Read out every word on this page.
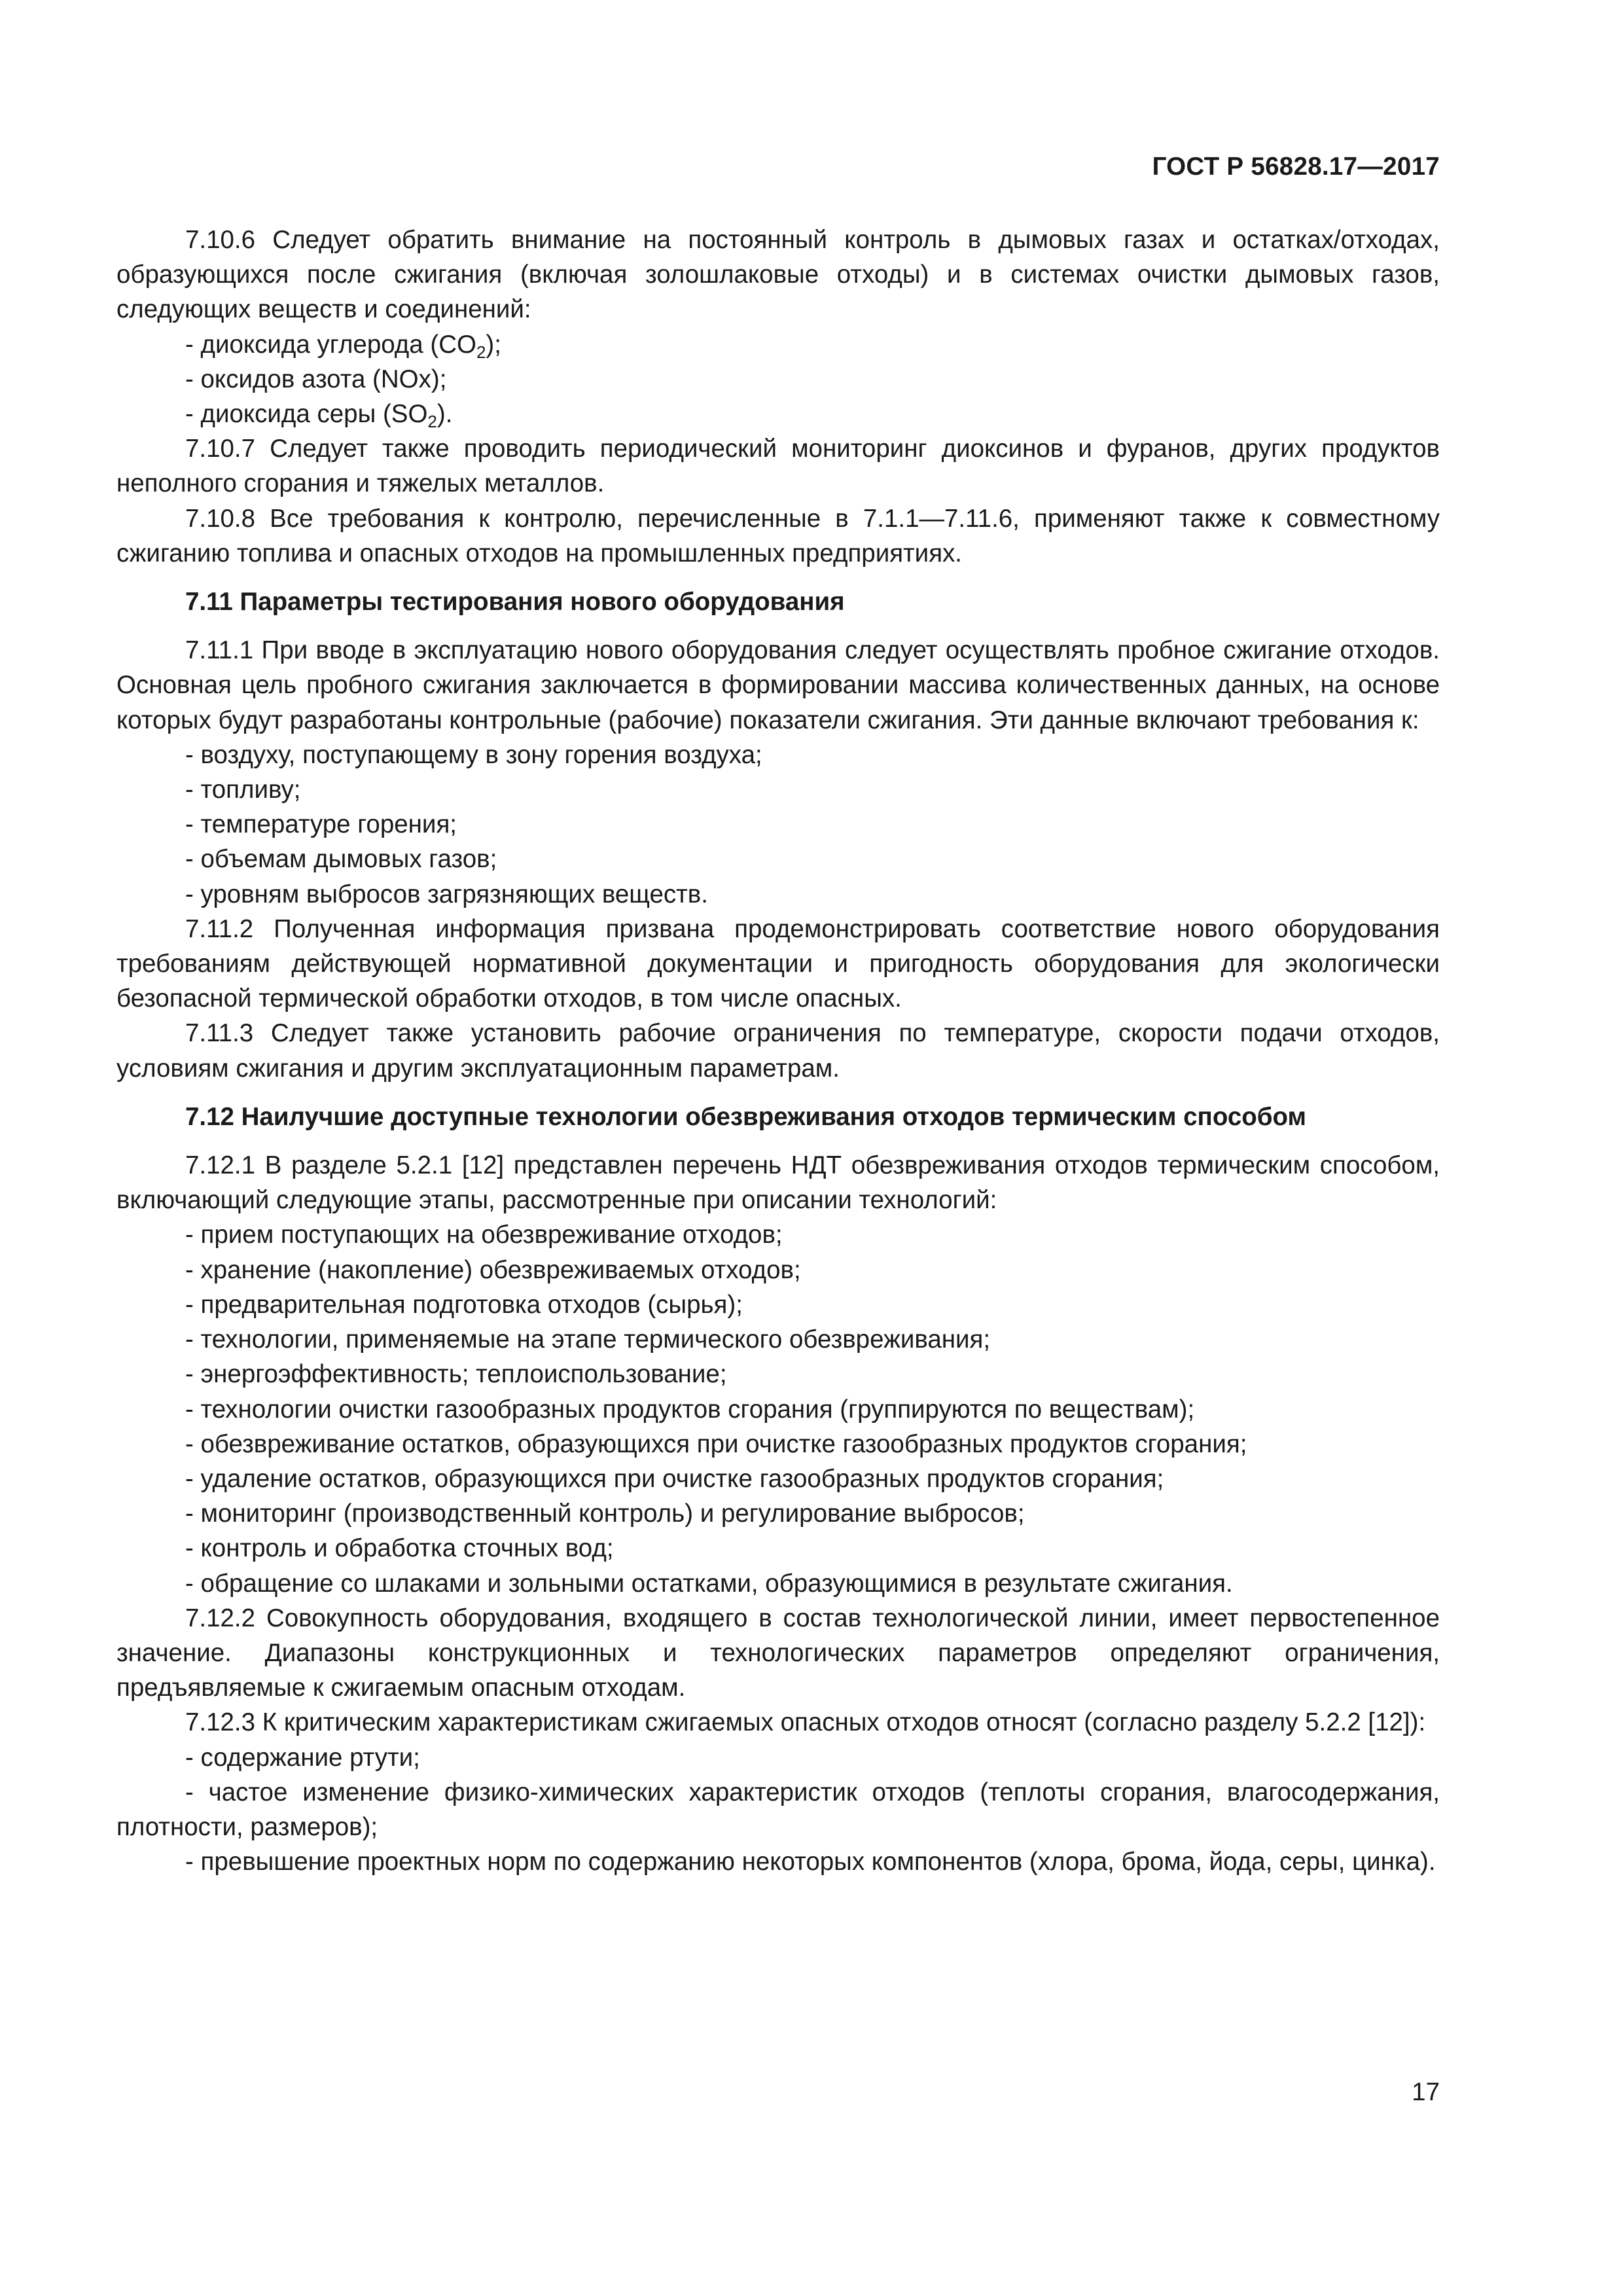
ГОСТ Р 56828.17—2017

7.10.6 Следует обратить внимание на постоянный контроль в дымовых газах и остатках/отходах, образующихся после сжигания (включая золошлаковые отходы) и в системах очистки дымовых газов, следующих веществ и соединений:

- диоксида углерода $(CO_2)$;

- оксидов азота (NOx);

- диоксида серы $(SO_2)$.

7.10.7 Следует также проводить периодический мониторинг диоксинов и фуранов, других продуктов неполного сгорания и тяжелых металлов.

7.10.8 Все требования к контролю, перечисленные в 7.1.1—7.11.6, применяют также к совместному сжиганию топлива и опасных отходов на промышленных предприятиях.

7.11 Параметры тестирования нового оборудования

7.11.1 При вводе в эксплуатацию нового оборудования следует осуществлять пробное сжигание отходов. Основная цель пробного сжигания заключается в формировании массива количественных данных, на основе которых будут разработаны контрольные (рабочие) показатели сжигания. Эти данные включают требования к:

- воздуху, поступающему в зону горения воздуха;

- топливу;

- температуре горения;

- объемам дымовых газов;

- уровням выбросов загрязняющих веществ.

7.11.2 Полученная информация призвана продемонстрировать соответствие нового оборудования требованиям действующей нормативной документации и пригодность оборудования для экологически безопасной термической обработки отходов, в том числе опасных.

7.11.3 Следует также установить рабочие ограничения по температуре, скорости подачи отходов, условиям сжигания и другим эксплуатационным параметрам.

7.12 Наилучшие доступные технологии обезвреживания отходов термическим способом

7.12.1 В разделе 5.2.1 [12] представлен перечень НДТ обезвреживания отходов термическим способом, включающий следующие этапы, рассмотренные при описании технологий:

- прием поступающих на обезвреживание отходов;

- хранение (накопление) обезвреживаемых отходов;

- предварительная подготовка отходов (сырья);

- технологии, применяемые на этапе термического обезвреживания;

- энергоэффективность; теплоиспользование;

- технологии очистки газообразных продуктов сгорания (группируются по веществам);

- обезвреживание остатков, образующихся при очистке газообразных продуктов сгорания;

- удаление остатков, образующихся при очистке газообразных продуктов сгорания;

- мониторинг (производственный контроль) и регулирование выбросов;

- контроль и обработка сточных вод;

- обращение со шлаками и зольными остатками, образующимися в результате сжигания.

7.12.2 Совокупность оборудования, входящего в состав технологической линии, имеет первостепенное значение. Диапазоны конструкционных и технологических параметров определяют ограничения, предъявляемые к сжигаемым опасным отходам.

7.12.3 К критическим характеристикам сжигаемых опасных отходов относят (согласно разделу 5.2.2 [12]):

- содержание ртути;

- частое изменение физико-химических характеристик отходов (теплоты сгорания, влагосодержания, плотности, размеров);

- превышение проектных норм по содержанию некоторых компонентов (хлора, брома, йода, серы, цинка).

17
